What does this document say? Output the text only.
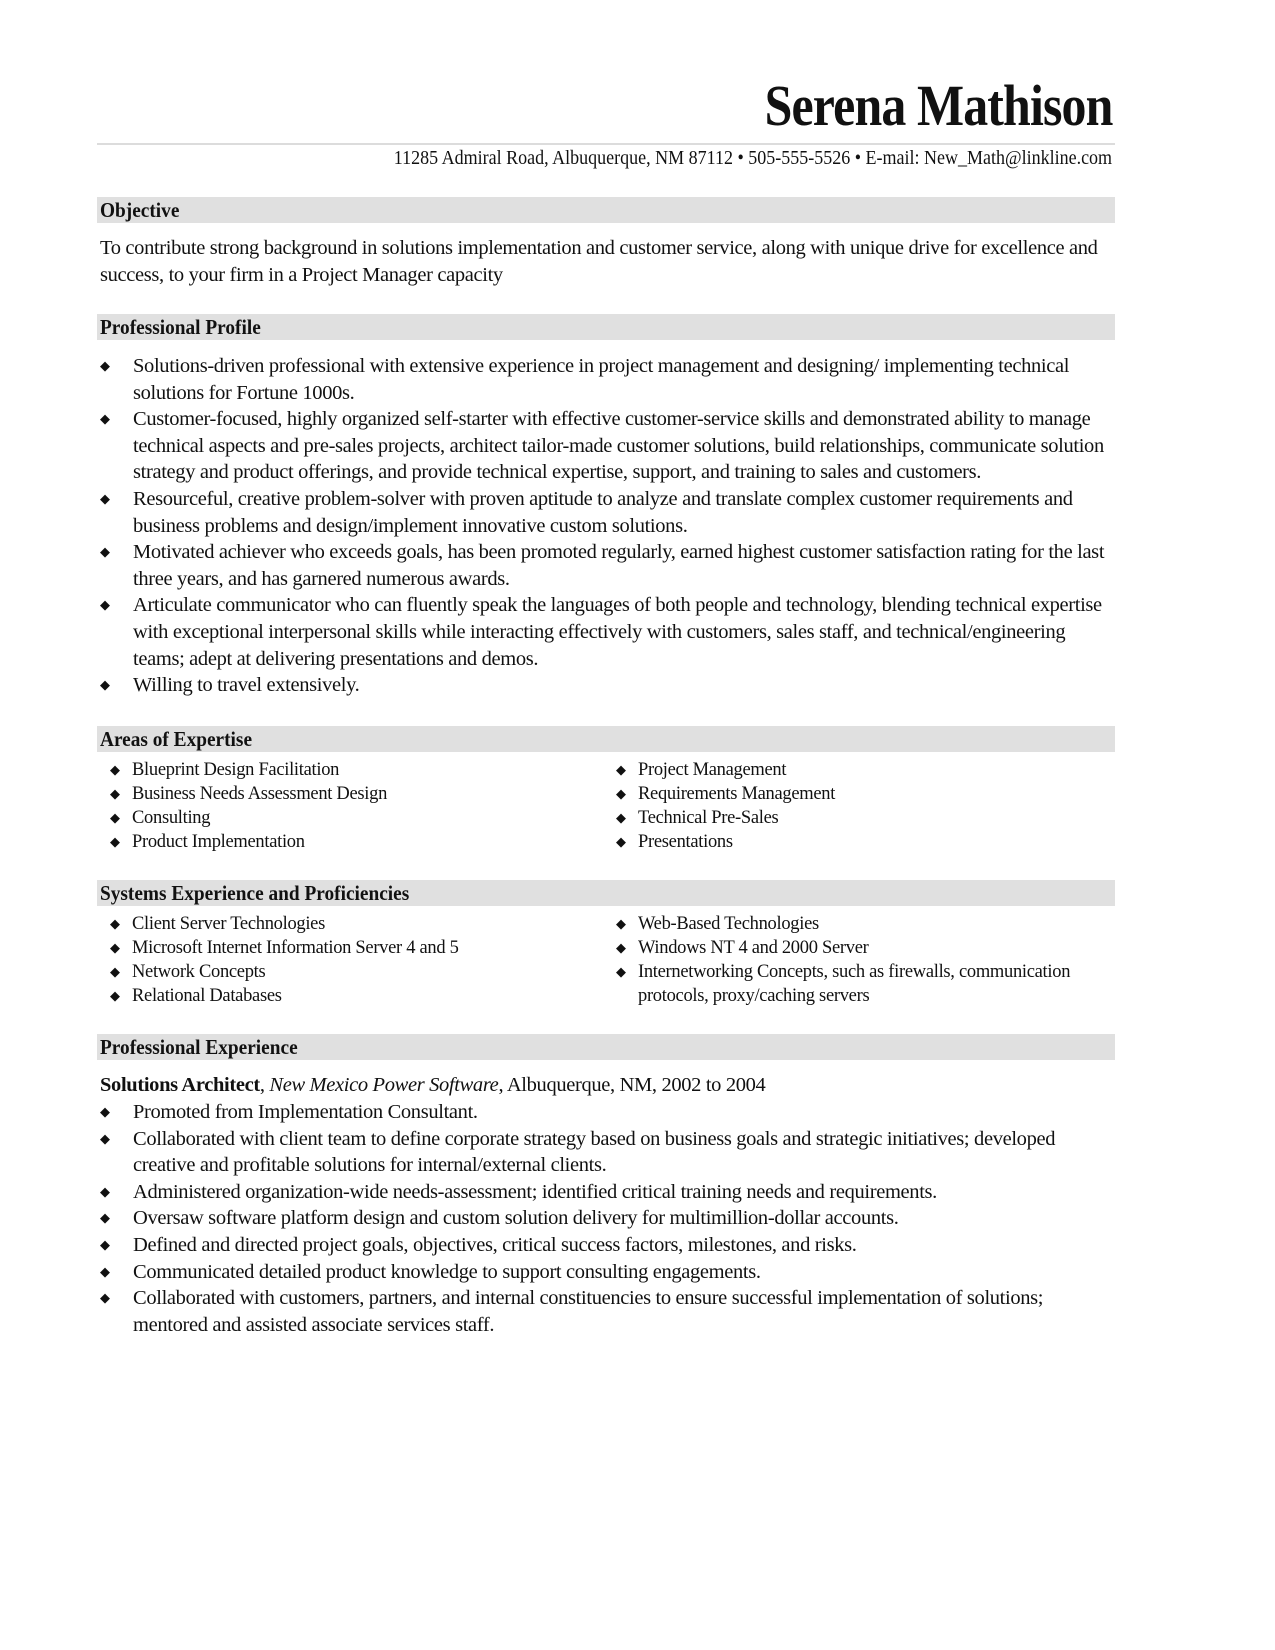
Serena Mathison
11285 Admiral Road, Albuquerque, NM 87112 • 505-555-5526 • E-mail: New_Math@linkline.com
Objective
To contribute strong background in solutions implementation and customer service, along with unique drive for excellence and success, to your firm in a Project Manager capacity
Professional Profile
◆ Solutions-driven professional with extensive experience in project management and designing/ implementing technical solutions for Fortune 1000s.
◆ Customer-focused, highly organized self-starter with effective customer-service skills and demonstrated ability to manage technical aspects and pre-sales projects, architect tailor-made customer solutions, build relationships, communicate solution strategy and product offerings, and provide technical expertise, support, and training to sales and customers.
◆ Resourceful, creative problem-solver with proven aptitude to analyze and translate complex customer requirements and business problems and design/implement innovative custom solutions.
◆ Motivated achiever who exceeds goals, has been promoted regularly, earned highest customer satisfaction rating for the last three years, and has garnered numerous awards.
◆ Articulate communicator who can fluently speak the languages of both people and technology, blending technical expertise with exceptional interpersonal skills while interacting effectively with customers, sales staff, and technical/engineering teams; adept at delivering presentations and demos.
◆ Willing to travel extensively.
Areas of Expertise
◆ Blueprint Design Facilitation
◆ Business Needs Assessment Design
◆ Consulting
◆ Product Implementation
◆ Project Management
◆ Requirements Management
◆ Technical Pre-Sales
◆ Presentations
Systems Experience and Proficiencies
◆ Client Server Technologies
◆ Microsoft Internet Information Server 4 and 5
◆ Network Concepts
◆ Relational Databases
◆ Web-Based Technologies
◆ Windows NT 4 and 2000 Server
◆ Internetworking Concepts, such as firewalls, communication protocols, proxy/caching servers
Professional Experience
Solutions Architect, New Mexico Power Software, Albuquerque, NM, 2002 to 2004
◆ Promoted from Implementation Consultant.
◆ Collaborated with client team to define corporate strategy based on business goals and strategic initiatives; developed creative and profitable solutions for internal/external clients.
◆ Administered organization-wide needs-assessment; identified critical training needs and requirements.
◆ Oversaw software platform design and custom solution delivery for multimillion-dollar accounts.
◆ Defined and directed project goals, objectives, critical success factors, milestones, and risks.
◆ Communicated detailed product knowledge to support consulting engagements.
◆ Collaborated with customers, partners, and internal constituencies to ensure successful implementation of solutions; mentored and assisted associate services staff.
